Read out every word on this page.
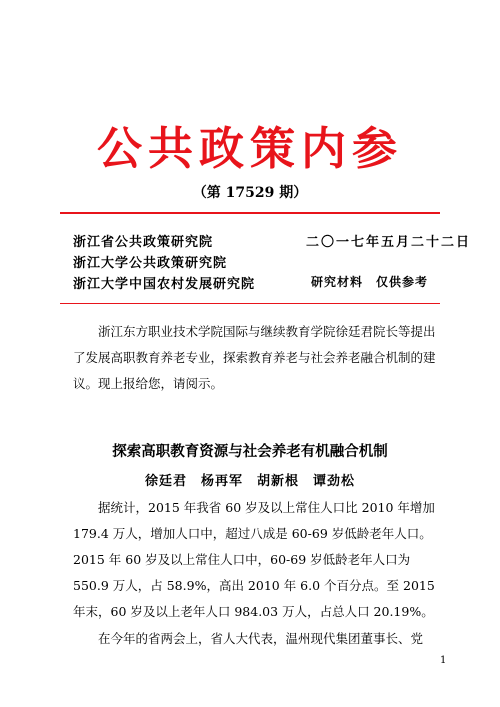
公共政策内参
（第 17529 期）
浙江省公共政策研究院
浙江大学公共政策研究院
浙江大学中国农村发展研究院
二〇一七年五月二十二日
研究材料　仅供参考
浙江东方职业技术学院国际与继续教育学院徐廷君院长等提出了发展高职教育养老专业，探索教育养老与社会养老融合机制的建议。现上报给您，请阅示。
探索高职教育资源与社会养老有机融合机制
徐廷君　杨再军　胡新根　谭劲松
据统计，2015 年我省 60 岁及以上常住人口比 2010 年增加 179.4 万人，增加人口中，超过八成是 60-69 岁低龄老年人口。2015 年 60 岁及以上常住人口中，60-69 岁低龄老年人口为 550.9 万人，占 58.9%，高出 2010 年 6.0 个百分点。至 2015 年末，60 岁及以上老年人口 984.03 万人，占总人口 20.19%。
在今年的省两会上，省人大代表，温州现代集团董事长、党
1
